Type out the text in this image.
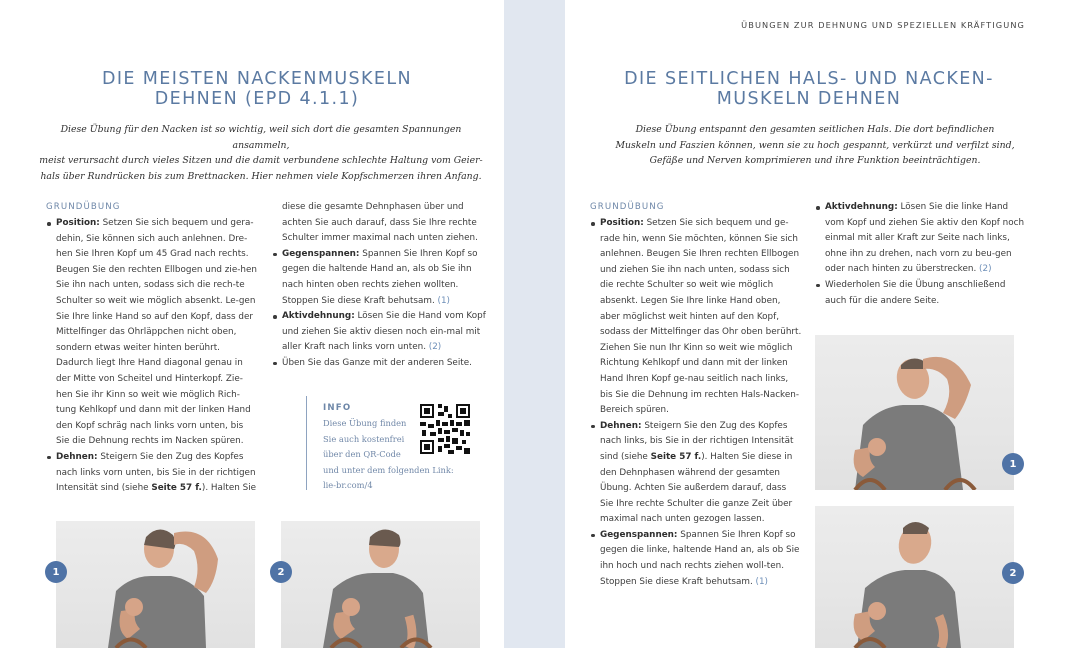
DIE MEISTEN NACKENMUSKELN
DEHNEN (EPD 4.1.1)
Diese Übung für den Nacken ist so wichtig, weil sich dort die gesamten Spannungen ansammeln,
meist verursacht durch vieles Sitzen und die damit verbundene schlechte Haltung vom Geier-
hals über Rundrücken bis zum Brettnacken. Hier nehmen viele Kopfschmerzen ihren Anfang.
GRUNDÜBUNG
Position: Setzen Sie sich bequem und gera-dehin, Sie können sich auch anlehnen. Dre-hen Sie Ihren Kopf um 45 Grad nach rechts. Beugen Sie den rechten Ellbogen und zie-hen Sie ihn nach unten, sodass sich die rech-te Schulter so weit wie möglich absenkt. Le-gen Sie Ihre linke Hand so auf den Kopf, dass der Mittelfinger das Ohrläppchen nicht oben, sondern etwas weiter hinten berührt. Dadurch liegt Ihre Hand diagonal genau in der Mitte von Scheitel und Hinterkopf. Zie-hen Sie ihr Kinn so weit wie möglich Rich-tung Kehlkopf und dann mit der linken Hand den Kopf schräg nach links vorn unten, bis Sie die Dehnung rechts im Nacken spüren.
Dehnen: Steigern Sie den Zug des Kopfes nach links vorn unten, bis Sie in der richtigen Intensität sind (siehe Seite 57 f.). Halten Sie
diese die gesamte Dehnphasen über und achten Sie auch darauf, dass Sie Ihre rechte Schulter immer maximal nach unten ziehen.
Gegenspannen: Spannen Sie Ihren Kopf so gegen die haltende Hand an, als ob Sie ihn nach hinten oben rechts ziehen wollten. Stoppen Sie diese Kraft behutsam. (1)
Aktivdehnung: Lösen Sie die Hand vom Kopf und ziehen Sie aktiv diesen noch ein-mal mit aller Kraft nach links vorn unten. (2)
Üben Sie das Ganze mit der anderen Seite.
INFO
Diese Übung finden
Sie auch kostenfrei
über den QR-Code
und unter dem folgenden Link:
lie-br.com/4
1	2
ÜBUNGEN ZUR DEHNUNG UND SPEZIELLEN KRÄFTIGUNG
DIE SEITLICHEN HALS- UND NACKEN-
MUSKELN DEHNEN
Diese Übung entspannt den gesamten seitlichen Hals. Die dort befindlichen
Muskeln und Faszien können, wenn sie zu hoch gespannt, verkürzt und verfilzt sind,
Gefäße und Nerven komprimieren und ihre Funktion beeinträchtigen.
GRUNDÜBUNG
Position: Setzen Sie sich bequem und ge-rade hin, wenn Sie möchten, können Sie sich anlehnen. Beugen Sie Ihren rechten Ellbogen und ziehen Sie ihn nach unten, sodass sich die rechte Schulter so weit wie möglich absenkt. Legen Sie Ihre linke Hand oben, aber möglichst weit hinten auf den Kopf, sodass der Mittelfinger das Ohr oben berührt. Ziehen Sie nun Ihr Kinn so weit wie möglich Richtung Kehlkopf und dann mit der linken Hand Ihren Kopf ge-nau seitlich nach links, bis Sie die Dehnung im rechten Hals-Nacken-Bereich spüren.
Dehnen: Steigern Sie den Zug des Kopfes nach links, bis Sie in der richtigen Intensität sind (siehe Seite 57 f.). Halten Sie diese in den Dehnphasen während der gesamten Übung. Achten Sie außerdem darauf, dass Sie Ihre rechte Schulter die ganze Zeit über maximal nach unten gezogen lassen.
Gegenspannen: Spannen Sie Ihren Kopf so gegen die linke, haltende Hand an, als ob Sie ihn hoch und nach rechts ziehen woll-ten. Stoppen Sie diese Kraft behutsam. (1)
Aktivdehnung: Lösen Sie die linke Hand vom Kopf und ziehen Sie aktiv den Kopf noch einmal mit aller Kraft zur Seite nach links, ohne ihn zu drehen, nach vorn zu beu-gen oder nach hinten zu überstrecken. (2)
Wiederholen Sie die Übung anschließend auch für die andere Seite.
1
2
